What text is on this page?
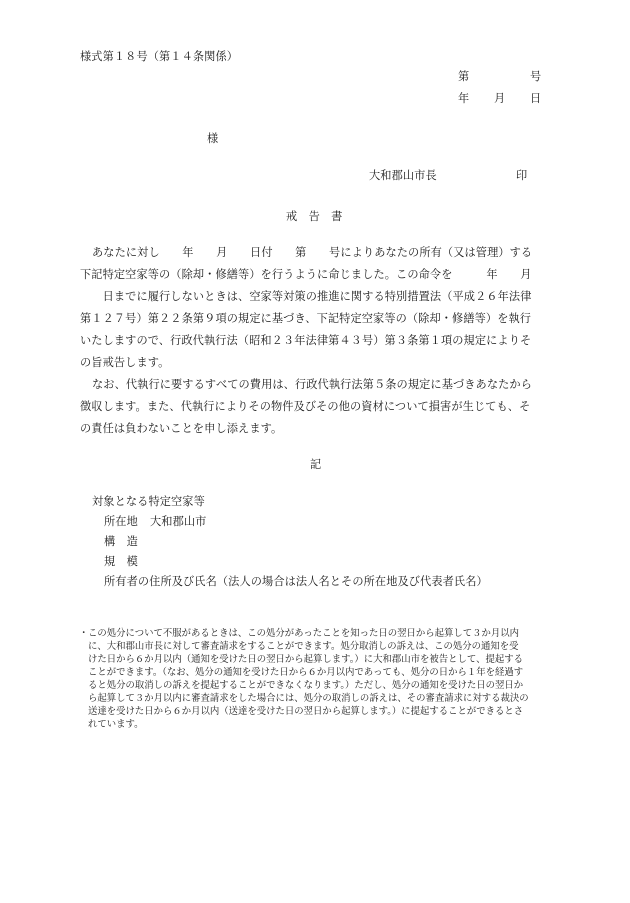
様式第１８号（第１４条関係）
第	号
年 月 日
様
大和郡山市長	印
戒　告　書
あなたに対し　　年　　月　　日付　　第　　号によりあなたの所有（又は管理）する
下記特定空家等の（除却・修繕等）を行うように命じました。この命令を　　　年　　月
　　日までに履行しないときは、空家等対策の推進に関する特別措置法（平成２６年法律
第１２７号）第２２条第９項の規定に基づき、下記特定空家等の（除却・修繕等）を執行
いたしますので、行政代執行法（昭和２３年法律第４３号）第３条第１項の規定によりそ
の旨戒告します。
なお、代執行に要するすべての費用は、行政代執行法第５条の規定に基づきあなたから
徴収します。また、代執行によりその物件及びその他の資材について損害が生じても、そ
の責任は負わないことを申し添えます。
記
対象となる特定空家等
所在地 大和郡山市
構　造
規　模
所有者の住所及び氏名（法人の場合は法人名とその所在地及び代表者氏名）
・ この処分について不服があるときは、この処分があったことを知った日の翌日から起算して３か月以内
に、大和郡山市長に対して審査請求をすることができます。処分取消しの訴えは、この処分の通知を受
けた日から６か月以内（通知を受けた日の翌日から起算します。）に大和郡山市を被告として、提起する
ことができます。（なお、処分の通知を受けた日から６か月以内であっても、処分の日から１年を経過す
ると処分の取消しの訴えを提起することができなくなります。）ただし、処分の通知を受けた日の翌日か
ら起算して３か月以内に審査請求をした場合には、処分の取消しの訴えは、その審査請求に対する裁決の
送達を受けた日から６か月以内（送達を受けた日の翌日から起算します。）に提起することができるとさ
れています。
